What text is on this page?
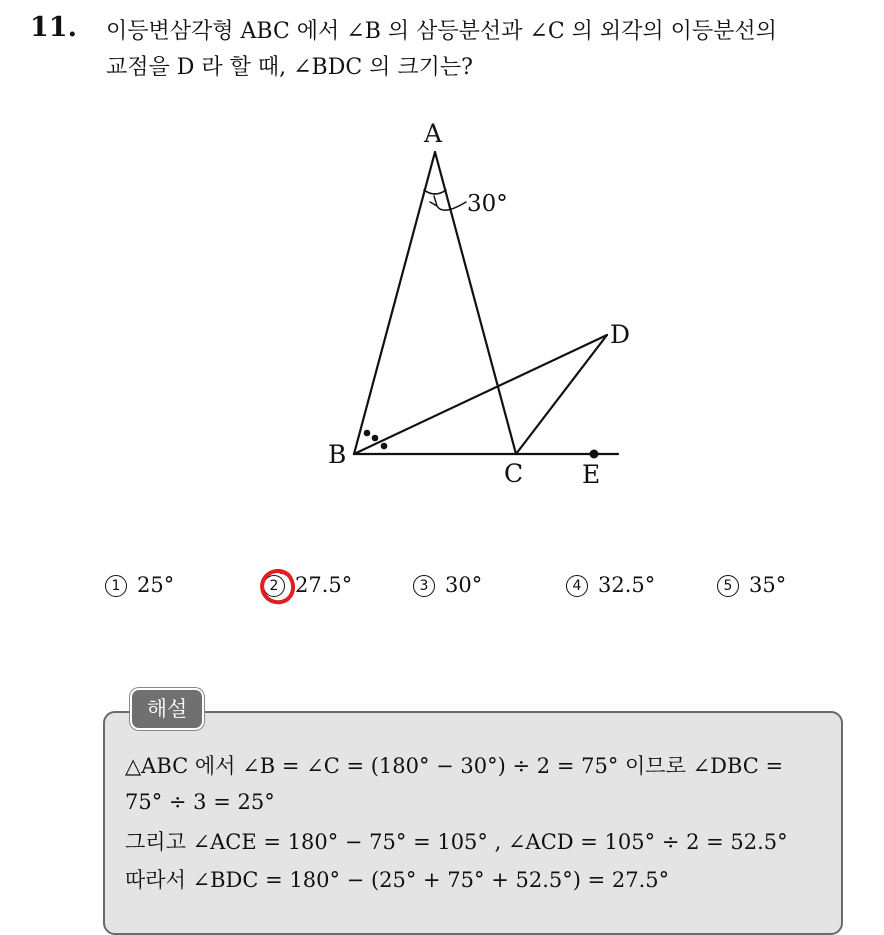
11. 이등변삼각형 ABC 에서 ∠B 의 삼등분선과 ∠C 의 외각의 이등분선의
교점을 D 라 할 때, ∠BDC 의 크기는?
A
B
C
D
E
30°
1 25°	2 27.5°	3 30°	4 32.5°	5 35°
해설
△ABC 에서 ∠B = ∠C = (180° − 30°) ÷ 2 = 75° 이므로 ∠DBC =
75° ÷ 3 = 25°
그리고 ∠ACE = 180° − 75° = 105° , ∠ACD = 105° ÷ 2 = 52.5°
따라서 ∠BDC = 180° − (25° + 75° + 52.5°) = 27.5°
